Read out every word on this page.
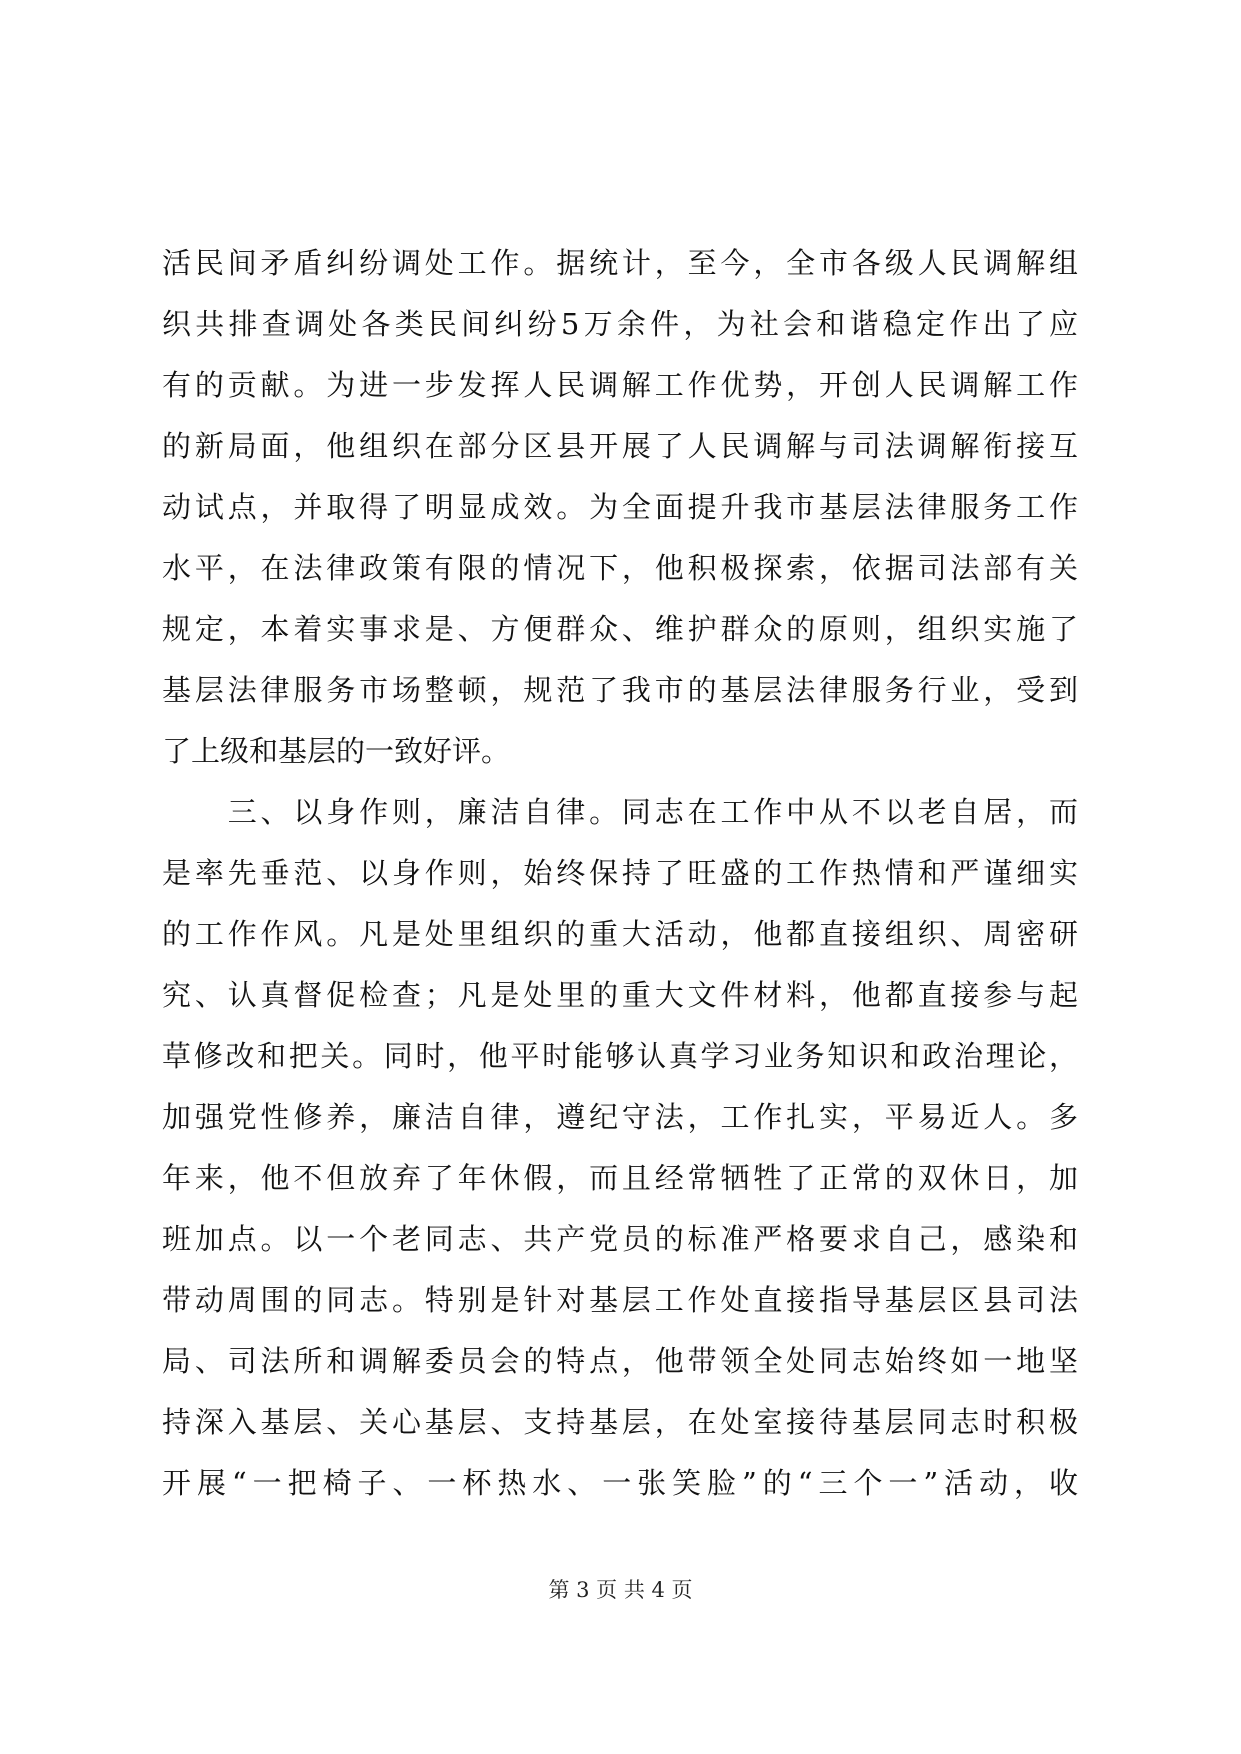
活民间矛盾纠纷调处工作。据统计，至今，全市各级人民调解组
织共排查调处各类民间纠纷5万余件，为社会和谐稳定作出了应
有的贡献。为进一步发挥人民调解工作优势，开创人民调解工作
的新局面，他组织在部分区县开展了人民调解与司法调解衔接互
动试点，并取得了明显成效。为全面提升我市基层法律服务工作
水平，在法律政策有限的情况下，他积极探索，依据司法部有关
规定，本着实事求是、方便群众、维护群众的原则，组织实施了
基层法律服务市场整顿，规范了我市的基层法律服务行业，受到
了上级和基层的一致好评。
　　三、以身作则，廉洁自律。同志在工作中从不以老自居，而
是率先垂范、以身作则，始终保持了旺盛的工作热情和严谨细实
的工作作风。凡是处里组织的重大活动，他都直接组织、周密研
究、认真督促检查；凡是处里的重大文件材料，他都直接参与起
草修改和把关。同时，他平时能够认真学习业务知识和政治理论，
加强党性修养，廉洁自律，遵纪守法，工作扎实，平易近人。多
年来，他不但放弃了年休假，而且经常牺牲了正常的双休日，加
班加点。以一个老同志、共产党员的标准严格要求自己，感染和
带动周围的同志。特别是针对基层工作处直接指导基层区县司法
局、司法所和调解委员会的特点，他带领全处同志始终如一地坚
持深入基层、关心基层、支持基层，在处室接待基层同志时积极
开展“一把椅子、一杯热水、一张笑脸”的“三个一”活动，收
第 3 页 共 4 页
